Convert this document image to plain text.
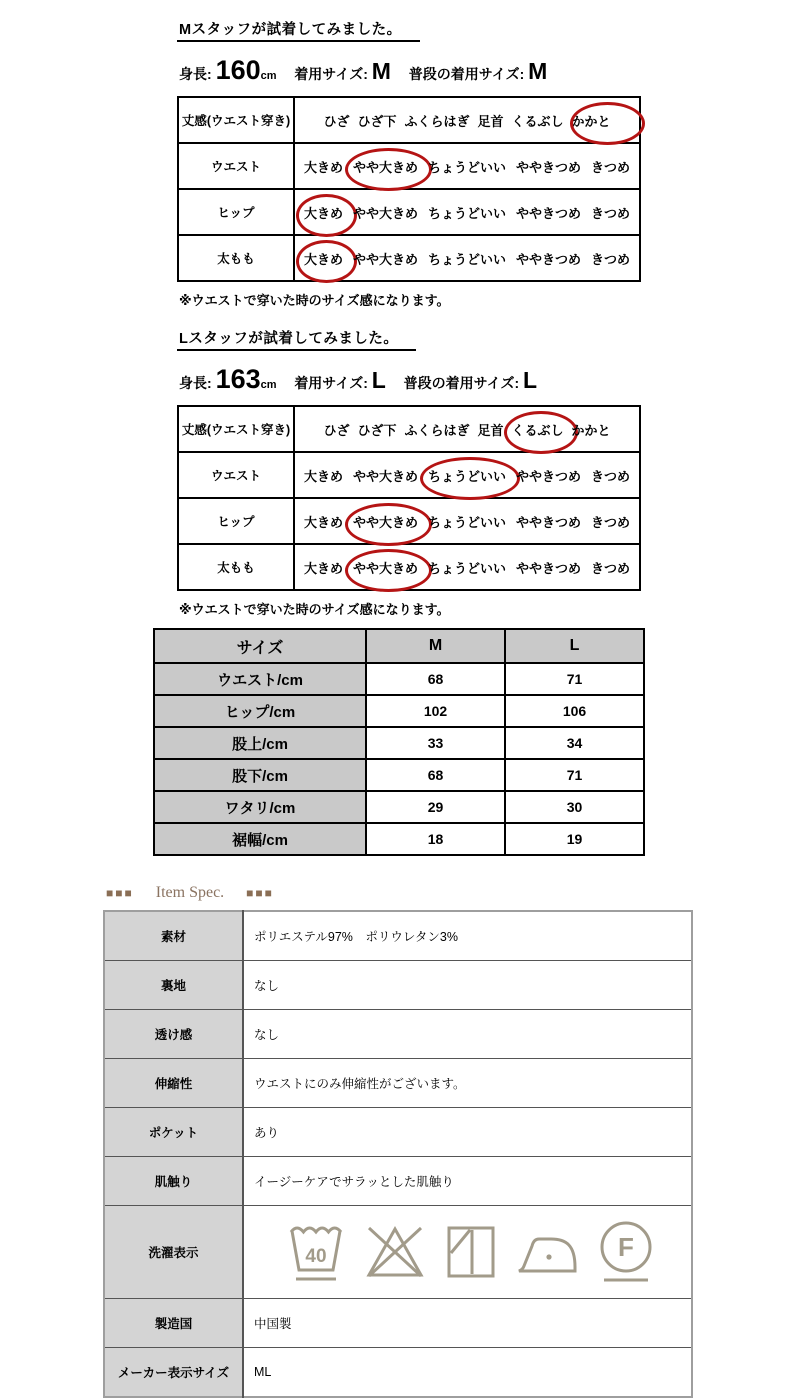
Mスタッフが試着してみました。
身長: 160cm 着用サイズ: M 普段の着用サイズ: M
丈感(ウエスト穿き)	ひざ ひざ下 ふくらはぎ 足首 くるぶし かかと
ウエスト	大きめ やや大きめ ちょうどいい ややきつめ きつめ
ヒップ	大きめ やや大きめ ちょうどいい ややきつめ きつめ
太もも	大きめ やや大きめ ちょうどいい ややきつめ きつめ
※ウエストで穿いた時のサイズ感になります。
Lスタッフが試着してみました。
身長: 163cm 着用サイズ: L 普段の着用サイズ: L
丈感(ウエスト穿き)	ひざ ひざ下 ふくらはぎ 足首 くるぶし かかと
ウエスト	大きめ やや大きめ ちょうどいい ややきつめ きつめ
ヒップ	大きめ やや大きめ ちょうどいい ややきつめ きつめ
太もも	大きめ やや大きめ ちょうどいい ややきつめ きつめ
※ウエストで穿いた時のサイズ感になります。
サイズ	M	L
ウエスト/cm	68	71
ヒップ/cm	102	106
股上/cm	33	34
股下/cm	68	71
ワタリ/cm	29	30
裾幅/cm	18	19
■■■ Item Spec. ■■■
素材	ポリエステル97%　ポリウレタン3%
裏地	なし
透け感	なし
伸縮性	ウエストにのみ伸縮性がございます。
ポケット	あり
肌触り	イージーケアでサラッとした肌触り
洗濯表示	40 F

製造国	中国製
メーカー表示サイズ	ML
